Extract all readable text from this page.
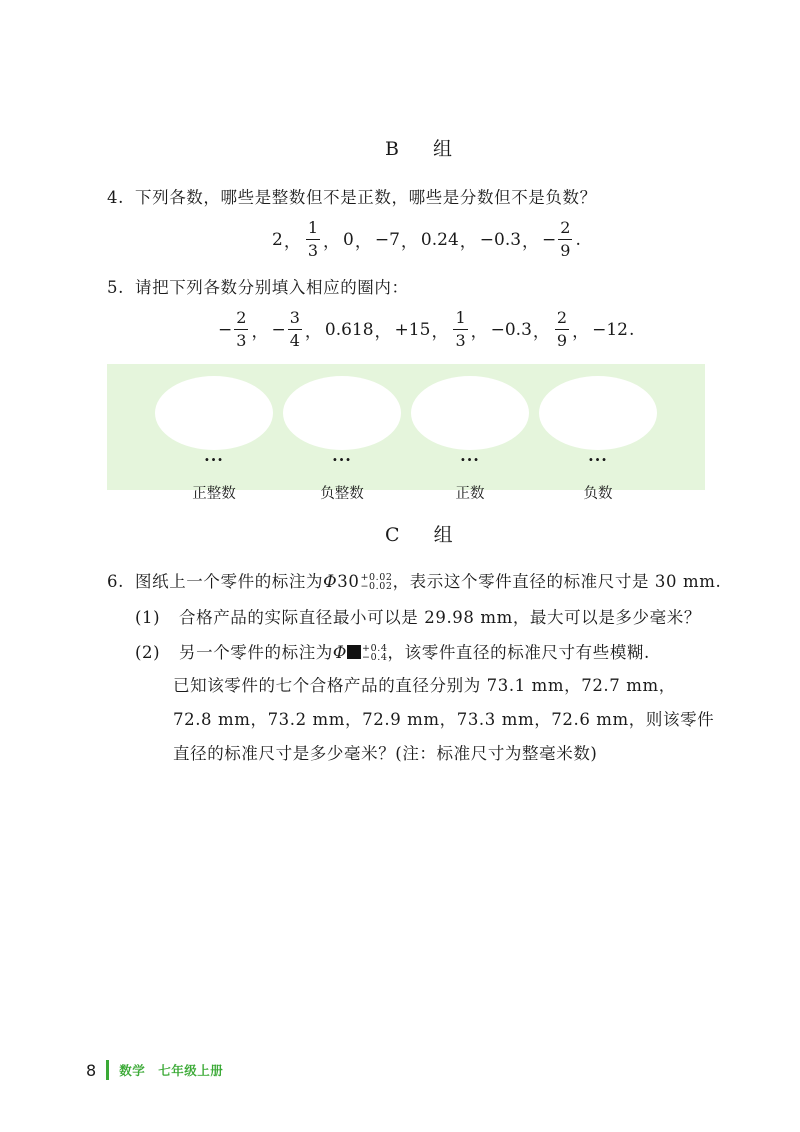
B 组
4. 下列各数，哪些是整数但不是正数，哪些是分数但不是负数？
2 ， $\frac{1}{3}$ ， 0 ， −7 ， 0.24 ， −0.3 ， − $\frac{2}{9}$ .
5. 请把下列各数分别填入相应的圈内：
− $\frac{2}{3}$ ， − $\frac{3}{4}$ ， 0.618 ， +15 ， $\frac{1}{3}$ ， −0.3 ， $\frac{2}{9}$ ， −12 .
···
正整数
···
负整数
···
正数
···
负数
C 组
6. 图纸上一个零件的标注为Φ30 +0.02
−0.02 ，表示这个零件直径的标准尺寸是 30 mm.
(1) 合格产品的实际直径最小可以是 29.98 mm，最大可以是多少毫米？
(2) 另一个零件的标注为Φ +0.4
−0.4 ，该零件直径的标准尺寸有些模糊.
已知该零件的七个合格产品的直径分别为 73.1 mm，72.7 mm，
72.8 mm，73.2 mm，72.9 mm，73.3 mm，72.6 mm，则该零件
直径的标准尺寸是多少毫米？(注：标准尺寸为整毫米数)
8 数学　七年级上册
